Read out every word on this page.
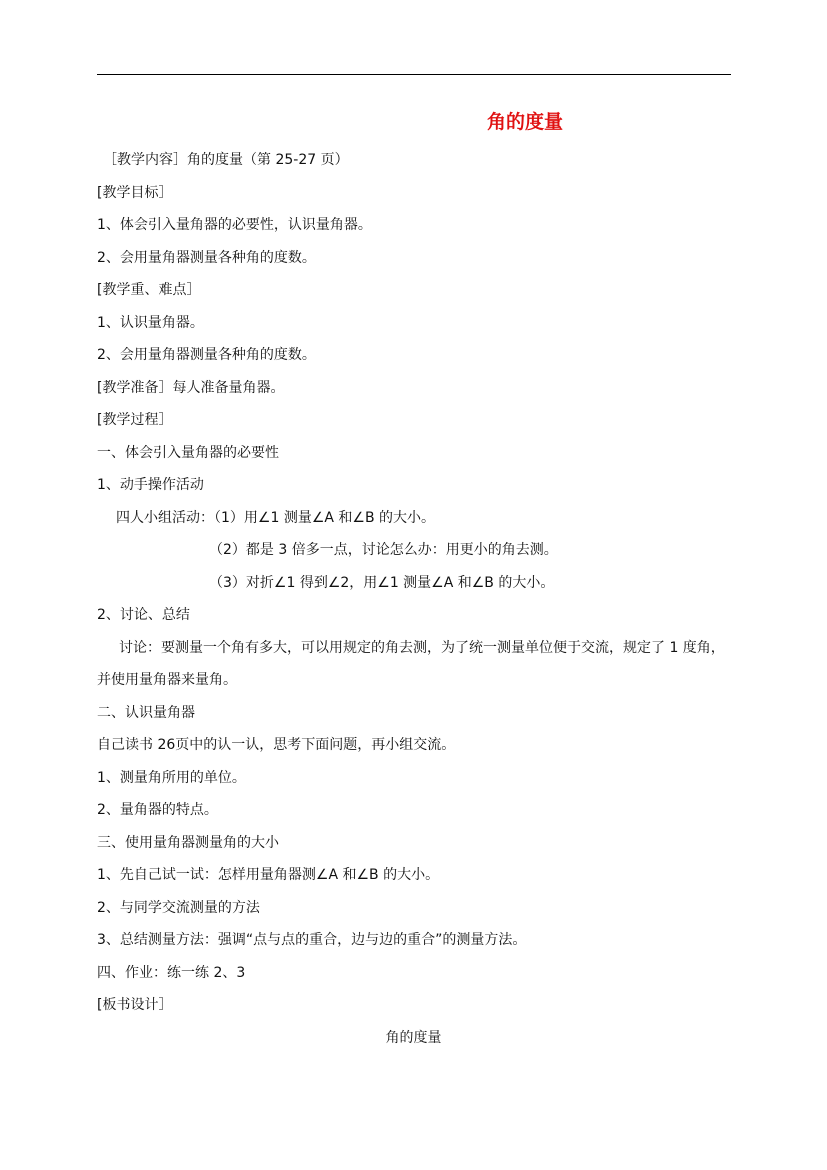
角的度量
［教学内容］角的度量（第 25-27 页）
[教学目标］
1、体会引入量角器的必要性，认识量角器。
2、会用量角器测量各种角的度数。
[教学重、难点］
1、认识量角器。
2、会用量角器测量各种角的度数。
[教学准备］每人准备量角器。
[教学过程］
一、体会引入量角器的必要性
1、动手操作活动
四人小组活动：（1）用∠1 测量∠A 和∠B 的大小。
（2）都是 3 倍多一点，讨论怎么办：用更小的角去测。
（3）对折∠1 得到∠2，用∠1 测量∠A 和∠B 的大小。
2、讨论、总结
讨论：要测量一个角有多大，可以用规定的角去测，为了统一测量单位便于交流，规定了 1 度角，
并使用量角器来量角。
二、认识量角器
自己读书 26页中的认一认，思考下面问题，再小组交流。
1、测量角所用的单位。
2、量角器的特点。
三、使用量角器测量角的大小
1、先自己试一试：怎样用量角器测∠A 和∠B 的大小。
2、与同学交流测量的方法
3、总结测量方法：强调“点与点的重合，边与边的重合”的测量方法。
四、作业：练一练 2、3
[板书设计］
角的度量
